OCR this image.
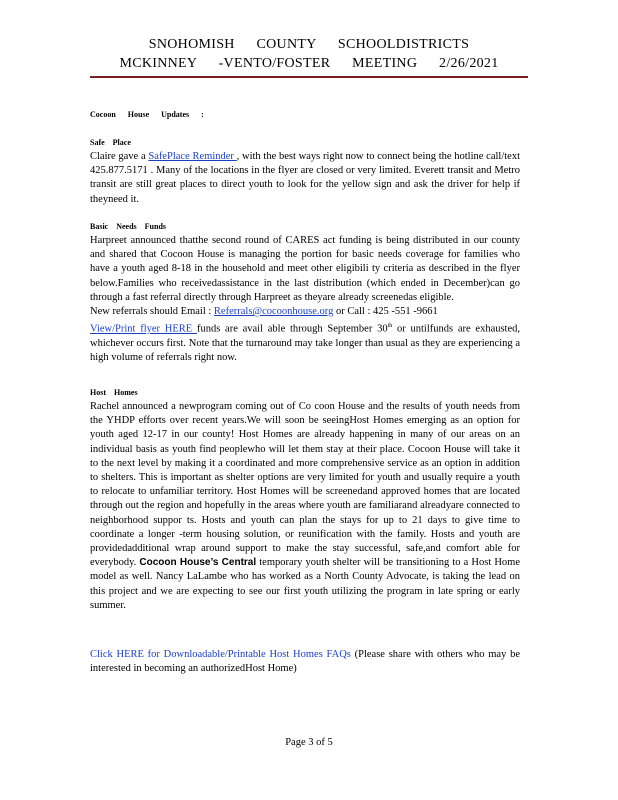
SNOHOMISH COUNTY SCHOOLDISTRICTS
MCKINNEY -VENTO/FOSTER MEETING 2/26/2021
Cocoon House Updates :
Safe Place

Claire gave a SafePlace Reminder , with the best ways right now to connect being the hotline call/text 425.877.5171 . Many of the locations in the flyer are closed or very limited. Everett transit and Metro transit are still great places to direct youth to look for the yellow sign and ask the driver for help if theyneed it.

Basic Needs Funds

Harpreet announced thatthe second round of CARES act funding is being distributed in our county and shared that Cocoon House is managing the portion for basic needs coverage for families who have a youth aged 8-18 in the household and meet other eligibili ty criteria as described in the flyer below.Families who receivedassistance in the last distribution (which ended in December)can go through a fast referral directly through Harpreet as theyare already screenedas eligible.

New referrals should Email : Referrals@cocoonhouse.org or Call : 425 -551 -9661

View/Print flyer HERE funds are avail able through September 30th or untilfunds are exhausted, whichever occurs first. Note that the turnaround may take longer than usual as they are experiencing a high volume of referrals right now.

Host Homes

Rachel announced a newprogram coming out of Co coon House and the results of youth needs from the YHDP efforts over recent years.We will soon be seeingHost Homes emerging as an option for youth aged 12-17 in our county! Host Homes are already happening in many of our areas on an individual basis as youth find peoplewho will let them stay at their place. Cocoon House will take it to the next level by making it a coordinated and more comprehensive service as an option in addition to shelters. This is important as shelter options are very limited for youth and usually require a youth to relocate to unfamiliar territory. Host Homes will be screenedand approved homes that are located through out the region and hopefully in the areas where youth are familiarand alreadyare connected to neighborhood suppor ts. Hosts and youth can plan the stays for up to 21 days to give time to coordinate a longer -term housing solution, or reunification with the family. Hosts and youth are providedadditional wrap around support to make the stay successful, safe,and comfort able for everybody. Cocoon House’s Central temporary youth shelter will be transitioning to a Host Home model as well. Nancy LaLambe who has worked as a North County Advocate, is taking the lead on this project and we are expecting to see our first youth utilizing the program in late spring or early summer.

Click HERE for Downloadable/Printable Host Homes FAQs (Please share with others who may be interested in becoming an authorizedHost Home)

Page 3 of 5
